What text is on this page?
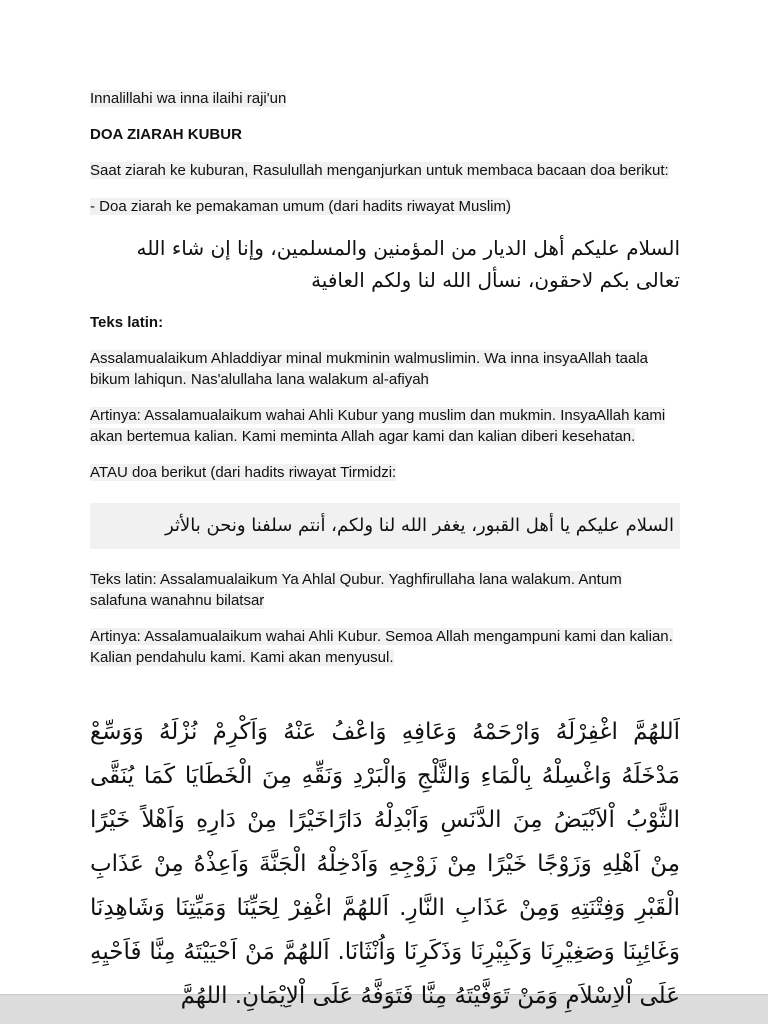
Innalillahi wa inna ilaihi raji'un

DOA ZIARAH KUBUR

Saat ziarah ke kuburan, Rasulullah menganjurkan untuk membaca bacaan doa berikut:

- Doa ziarah ke pemakaman umum (dari hadits riwayat Muslim)

السلام عليكم أهل الديار من المؤمنين والمسلمين، وإنا إن شاء الله تعالى بكم لاحقون، نسأل الله لنا ولكم العافية

Teks latin:

Assalamualaikum Ahladdiyar minal mukminin walmuslimin. Wa inna insyaAllah taala bikum lahiqun. Nas'alullaha lana walakum al-afiyah

Artinya: Assalamualaikum wahai Ahli Kubur yang muslim dan mukmin. InsyaAllah kami akan bertemua kalian. Kami meminta Allah agar kami dan kalian diberi kesehatan.

ATAU doa berikut (dari hadits riwayat Tirmidzi:

السلام عليكم يا أهل القبور، يغفر الله لنا ولكم، أنتم سلفنا ونحن بالأثر

Teks latin: Assalamualaikum Ya Ahlal Qubur. Yaghfirullaha lana walakum. Antum salafuna wanahnu bilatsar

Artinya: Assalamualaikum wahai Ahli Kubur. Semoa Allah mengampuni kami dan kalian. Kalian pendahulu kami. Kami akan menyusul.

اَللهُمَّ اغْفِرْلَهُ وَارْحَمْهُ وَعَافِهِ وَاعْفُ عَنْهُ وَاَكْرِمْ نُزْلَهُ وَوَسِّعْ مَدْخَلَهُ وَاغْسِلْهُ بِالْمَاءِ وَالثَّلْجِ وَالْبَرْدِ وَنَقِّهِ مِنَ الْخَطَايَا كَمَا يُنَقَّى الثَّوْبُ اْلاَبْيَضُ مِنَ الدَّنَسِ وَاَبْدِلْهُ دَارًاخَيْرًا مِنْ دَارِهِ وَاَهْلاً خَيْرًا مِنْ اَهْلِهِ وَزَوْجًا خَيْرًا مِنْ زَوْجِهِ وَاَدْخِلْهُ الْجَنَّةَ وَاَعِذْهُ مِنْ عَذَابِ الْقَبْرِ وَفِتْنَتِهِ وَمِنْ عَذَابِ النَّارِ. اَللهُمَّ اغْفِرْ لِحَيِّنَا وَمَيِّتِنَا وَشَاهِدِنَا وَغَائِبِنَا وَصَغِيْرِنَا وَكَبِيْرِنَا وَذَكَرِنَا وَاُنْثَانَا. اَللهُمَّ مَنْ اَحْيَيْتَهُ مِنَّا فَاَحْيِهِ عَلَى اْلاِسْلاَمِ وَمَنْ تَوَفَّيْتَهُ مِنَّا فَتَوَفَّهُ عَلَى اْلاِيْمَانِ. اللهُمَّ
